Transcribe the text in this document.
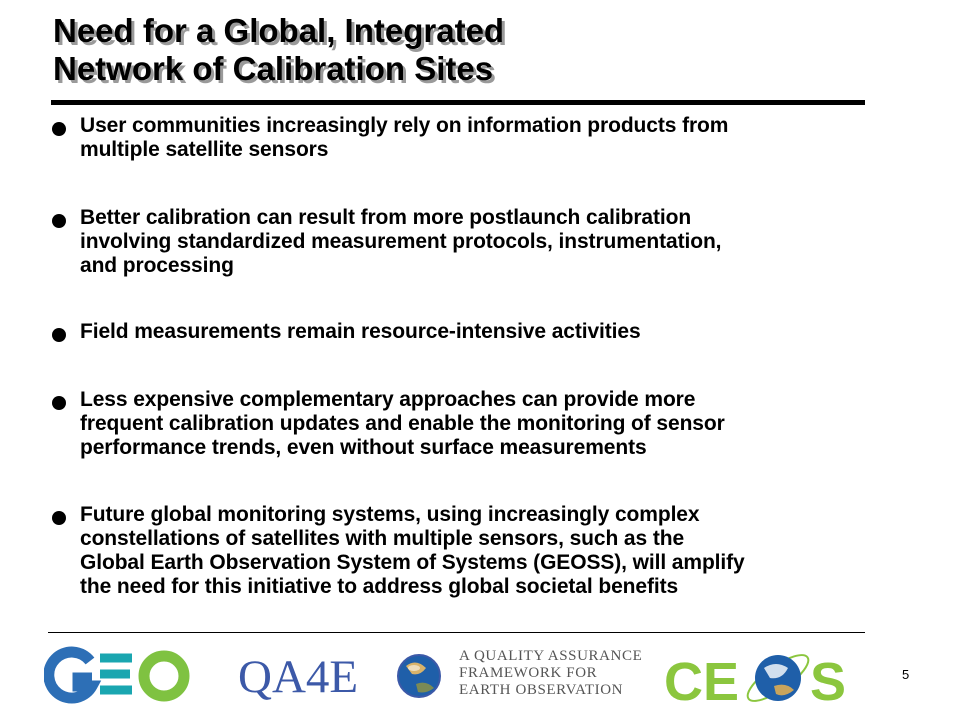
Need for a Global, Integrated
Network of Calibration Sites
User communities increasingly rely on information products from
multiple satellite sensors
Better calibration can result from more postlaunch calibration
involving standardized measurement protocols, instrumentation,
and processing
Field measurements remain resource-intensive activities
Less expensive complementary approaches can provide more
frequent calibration updates and enable the monitoring of sensor
performance trends, even without surface measurements
Future global monitoring systems, using increasingly complex
constellations of satellites with multiple sensors, such as the
Global Earth Observation System of Systems (GEOSS), will amplify
the need for this initiative to address global societal benefits
QA4E	A QUALITY ASSURANCE
FRAMEWORK FOR
EARTH OBSERVATION CE S	5
